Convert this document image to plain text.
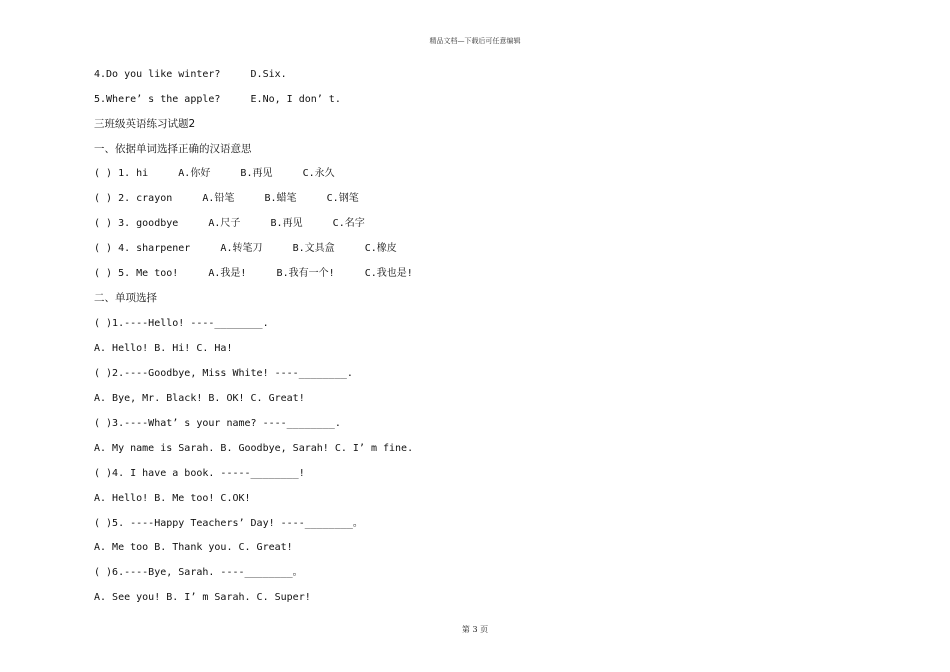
精品文档—下载后可任意编辑
4.Do you like winter?     D.Six.
5.Where’ s the apple?     E.No, I don’ t.
三班级英语练习试题2
一、依据单词选择正确的汉语意思
( ) 1. hi     A.你好     B.再见     C.永久
( ) 2. crayon     A.铅笔     B.蜡笔     C.钢笔
( ) 3. goodbye     A.尺子     B.再见     C.名字
( ) 4. sharpener     A.转笔刀     B.文具盒     C.橡皮
( ) 5. Me too!     A.我是!     B.我有一个!     C.我也是!
二、单项选择
( )1.----Hello! ----________.
A. Hello! B. Hi! C. Ha!
( )2.----Goodbye, Miss White! ----________.
A. Bye, Mr. Black! B. OK! C. Great!
( )3.----What’ s your name? ----________.
A. My name is Sarah. B. Goodbye, Sarah! C. I’ m fine.
( )4. I have a book. -----________!
A. Hello! B. Me too! C.OK!
( )5. ----Happy Teachers’ Day! ----________。
A. Me too B. Thank you. C. Great!
( )6.----Bye, Sarah. ----________。
A. See you! B. I’ m Sarah. C. Super!
第 3 页
